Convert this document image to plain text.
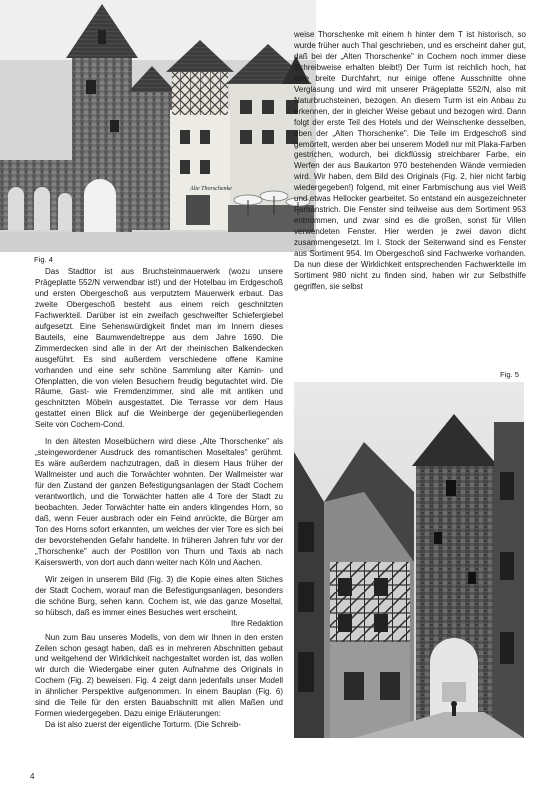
Alte Thorschenke
Fig. 4

Das Stadttor ist aus Bruchsteinmauerwerk (wozu unsere Prägeplatte 552/N verwendbar ist!) und der Hotelbau im Erdgeschoß und ersten Obergeschoß aus verputztem Mauerwerk erbaut. Das zweite Obergeschoß besteht aus einem reich geschnitzten Fachwerkteil. Darüber ist ein zweifach geschweifter Schiefergiebel aufgesetzt. Eine Sehenswürdigkeit findet man im Innern dieses Bauteils, eine Baumwendeltreppe aus dem Jahre 1690. Die Zimmerdecken sind alle in der Art der rheinischen Balkendecken ausgeführt. Es sind außerdem verschiedene offene Kamine vorhanden und eine sehr schöne Sammlung alter Kamin- und Ofenplatten, die von vielen Besuchern freudig begutachtet wird. Die Räume, Gast- wie Fremdenzimmer, sind alle mit antiken und geschnitzten Möbeln ausgestattet. Die Terrasse vor dem Haus gestattet einen Blick auf die Weinberge der gegenüberliegenden Seite von Cochem-Cond.

In den ältesten Moselbüchern wird diese „Alte Thorschenke" als „steingewordener Ausdruck des romantischen Moseltales" gerühmt. Es wäre außerdem nachzutragen, daß in diesem Haus früher der Wallmeister und auch die Torwächter wohnten. Der Wallmeister war für den Zustand der ganzen Befestigungsanlagen der Stadt Cochem verantwortlich, und die Torwächter hatten alle 4 Tore der Stadt zu beobachten. Jeder Torwächter hatte ein anders klingendes Horn, so daß, wenn Feuer ausbrach oder ein Feind anrückte, die Bürger am Ton des Horns sofort erkannten, um welches der vier Tore es sich bei der bevorstehenden Gefahr handelte. In früheren Jahren fuhr vor der „Thorschenke" auch der Postillon von Thurn und Taxis ab nach Kaiserswerth, von dort auch dann weiter nach Köln und Aachen.

Wir zeigen in unserem Bild (Fig. 3) die Kopie eines alten Stiches der Stadt Cochem, worauf man die Befestigungsanlagen, besonders die schöne Burg, sehen kann. Cochem ist, wie das ganze Moseltal, so hübsch, daß es immer eines Besuches wert erscheint.
Ihre Redaktion

Nun zum Bau unseres Modells, von dem wir Ihnen in den ersten Zeilen schon gesagt haben, daß es in mehreren Abschnitten gebaut und weitgehend der Wirklichkeit nachgestaltet worden ist, das wollen wir durch die Wiedergabe einer guten Aufnahme des Originals in Cochem (Fig. 2) beweisen. Fig. 4 zeigt dann jedenfalls unser Modell in ähnlicher Perspektive aufgenommen. In einem Bauplan (Fig. 6) sind die Teile für den ersten Bauabschnitt mit allen Maßen und Formen wiedergegeben. Dazu einige Erläuterungen:

Da ist also zuerst der eigentliche Torturm. (Die Schreib-

weise Thorschenke mit einem h hinter dem T ist historisch, so wurde früher auch Thal geschrieben, und es erscheint daher gut, daß bei der „Alten Thorschenke" in Cochem noch immer diese Schreibweise erhalten bleibt!) Der Turm ist reichlich hoch, hat eine breite Durchfahrt, nur einige offene Ausschnitte ohne Verglasung und wird mit unserer Prägeplatte 552/N, also mit Naturbruchsteinen, bezogen. An diesem Turm ist ein Anbau zu erkennen, der in gleicher Weise gebaut und bezogen wird. Dann folgt der erste Teil des Hotels und der Weinschenke desselben, eben der „Alten Thorschenke". Die Teile im Erdgeschoß sind gemörtelt, werden aber bei unserem Modell nur mit Plaka-Farben gestrichen, wodurch, bei dickflüssig streichbarer Farbe, ein Werfen der aus Baukarton 970 bestehenden Wände vermieden wird. Wir haben, dem Bild des Originals (Fig. 2, hier nicht farbig wiedergegeben!) folgend, mit einer Farbmischung aus viel Weiß und etwas Hellocker gearbeitet. So entstand ein ausgezeichneter Farbanstrich. Die Fenster sind teilweise aus dem Sortiment 953 entnommen, und zwar sind es die großen, sonst für Villen verwendeten Fenster. Hier werden je zwei davon dicht zusammengesetzt. Im I. Stock der Seitenwand sind es Fenster aus Sortiment 954. Im Obergeschoß sind Fachwerke vorhanden. Da nun diese der Wirklichkeit entsprechenden Fachwerkteile im Sortiment 980 nicht zu finden sind, haben wir zur Selbsthilfe gegriffen, sie selbst

Fig. 5
4
